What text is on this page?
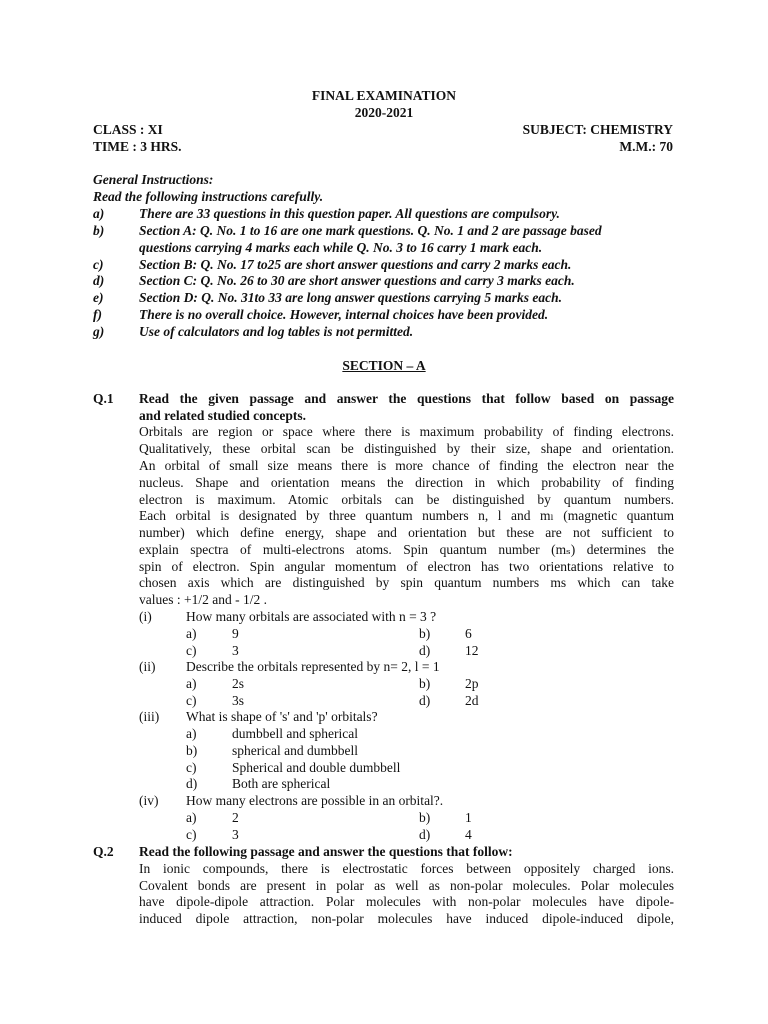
FINAL EXAMINATION
2020-2021
CLASS : XI	SUBJECT: CHEMISTRY
TIME : 3 HRS.	M.M.: 70
General Instructions:
Read the following instructions carefully.
a)	There are 33 questions in this question paper. All questions are compulsory.
b)	Section A: Q. No. 1 to 16 are one mark questions. Q. No. 1 and 2 are passage based
questions carrying 4 marks each while Q. No. 3 to 16 carry 1 mark each.
c)	Section B: Q. No. 17 to25 are short answer questions and carry 2 marks each.
d)	Section C: Q. No. 26 to 30 are short answer questions and carry 3 marks each.
e)	Section D: Q. No. 31to 33 are long answer questions carrying 5 marks each.
f)	There is no overall choice. However, internal choices have been provided.
g)	Use of calculators and log tables is not permitted.
SECTION – A
Q.1 Read the given passage and answer the questions that follow based on passage
and related studied concepts.
Orbitals are region or space where there is maximum probability of finding electrons.
Qualitatively, these orbital scan be distinguished by their size, shape and orientation.
An orbital of small size means there is more chance of finding the electron near the
nucleus. Shape and orientation means the direction in which probability of finding
electron is maximum. Atomic orbitals can be distinguished by quantum numbers.
Each orbital is designated by three quantum numbers n, l and mₗ (magnetic quantum
number) which define energy, shape and orientation but these are not sufficient to
explain spectra of multi-electrons atoms. Spin quantum number (mₛ) determines the
spin of electron. Spin angular momentum of electron has two orientations relative to
chosen axis which are distinguished by spin quantum numbers ms which can take
values : +1/2 and - 1/2 .
(i)	How many orbitals are associated with n = 3 ?
a)	9	b)	6
c)	3	d)	12
(ii) Describe the orbitals represented by n= 2, l = 1
a)	2s	b)	2p
c)	3s	d)	2d
(iii) What is shape of 's' and 'p' orbitals?
a)	dumbbell and spherical
b)	spherical and dumbbell
c)	Spherical and double dumbbell
d)	Both are spherical
(iv) How many electrons are possible in an orbital?.
a)	2	b)	1
c)	3	d)	4
Q.2 Read the following passage and answer the questions that follow:
In ionic compounds, there is electrostatic forces between oppositely charged ions.
Covalent bonds are present in polar as well as non-polar molecules. Polar molecules
have dipole-dipole attraction. Polar molecules with non-polar molecules have dipole-
induced dipole attraction, non-polar molecules have induced dipole-induced dipole,
